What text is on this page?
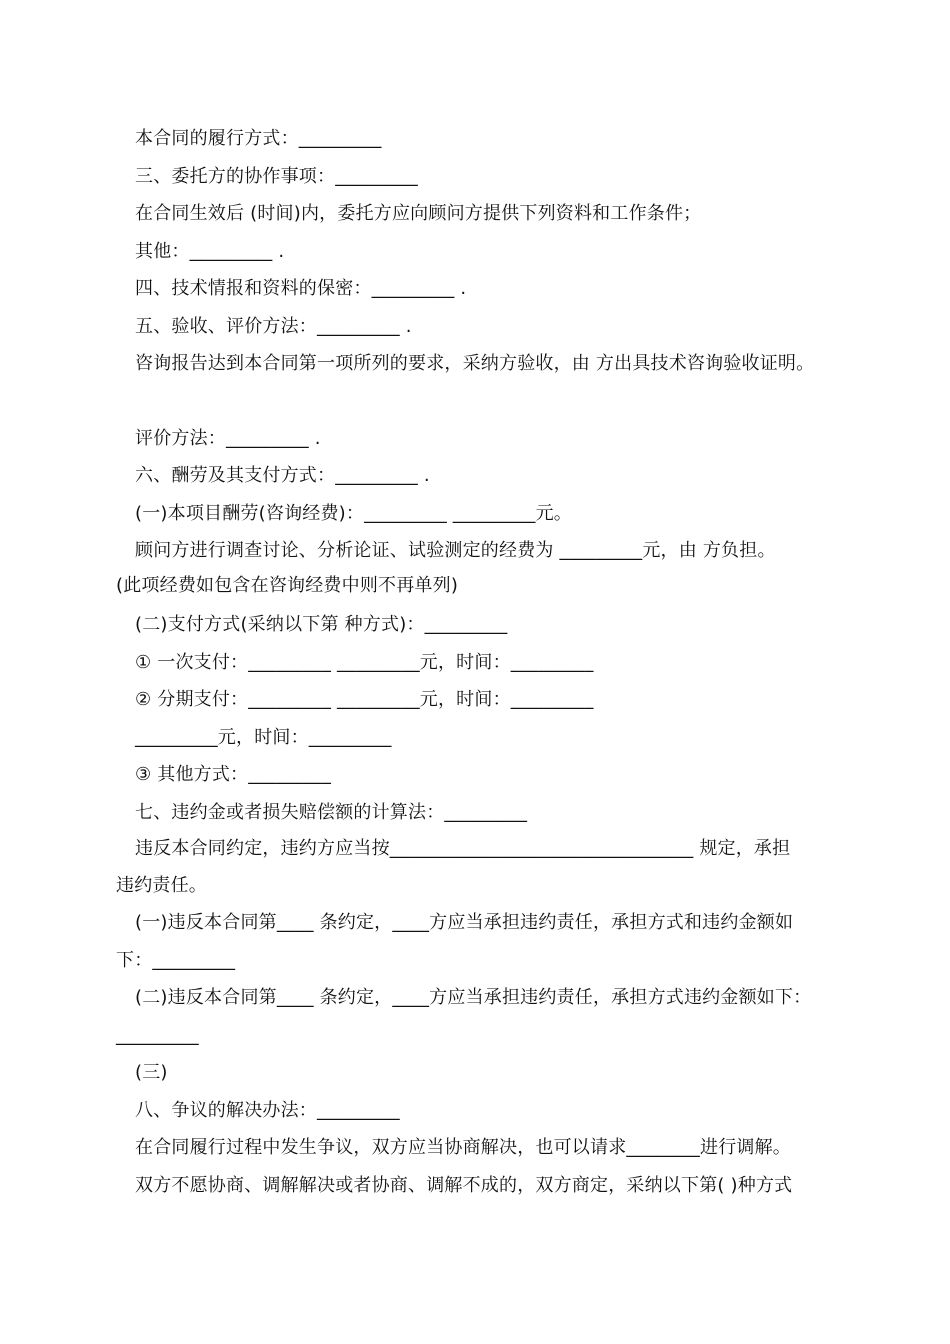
本合同的履行方式：_________
三、委托方的协作事项：_________
在合同生效后 (时间)内，委托方应向顾问方提供下列资料和工作条件；
其他：_________ .
四、技术情报和资料的保密：_________ .
五、验收、评价方法：_________ .
咨询报告达到本合同第一项所列的要求，采纳方验收，由 方出具技术咨询验收证明。
评价方法：_________ .
六、酬劳及其支付方式：_________ .
(一)本项目酬劳(咨询经费)：_________ _________元。
顾问方进行调查讨论、分析论证、试验测定的经费为 _________元，由 方负担。
(此项经费如包含在咨询经费中则不再单列)
(二)支付方式(采纳以下第 种方式)：_________
① 一次支付：_________ _________元，时间：_________
② 分期支付：_________ _________元，时间：_________
_________元，时间：_________
③ 其他方式：_________
七、违约金或者损失赔偿额的计算法：_________
违反本合同约定，违约方应当按_________________________________ 规定，承担
违约责任。
(一)违反本合同第____ 条约定，____方应当承担违约责任，承担方式和违约金额如
下：_________
(二)违反本合同第____ 条约定，____方应当承担违约责任，承担方式违约金额如下：
_________
(三)
八、争议的解决办法：_________
在合同履行过程中发生争议，双方应当协商解决，也可以请求________进行调解。
双方不愿协商、调解解决或者协商、调解不成的，双方商定，采纳以下第( )种方式
